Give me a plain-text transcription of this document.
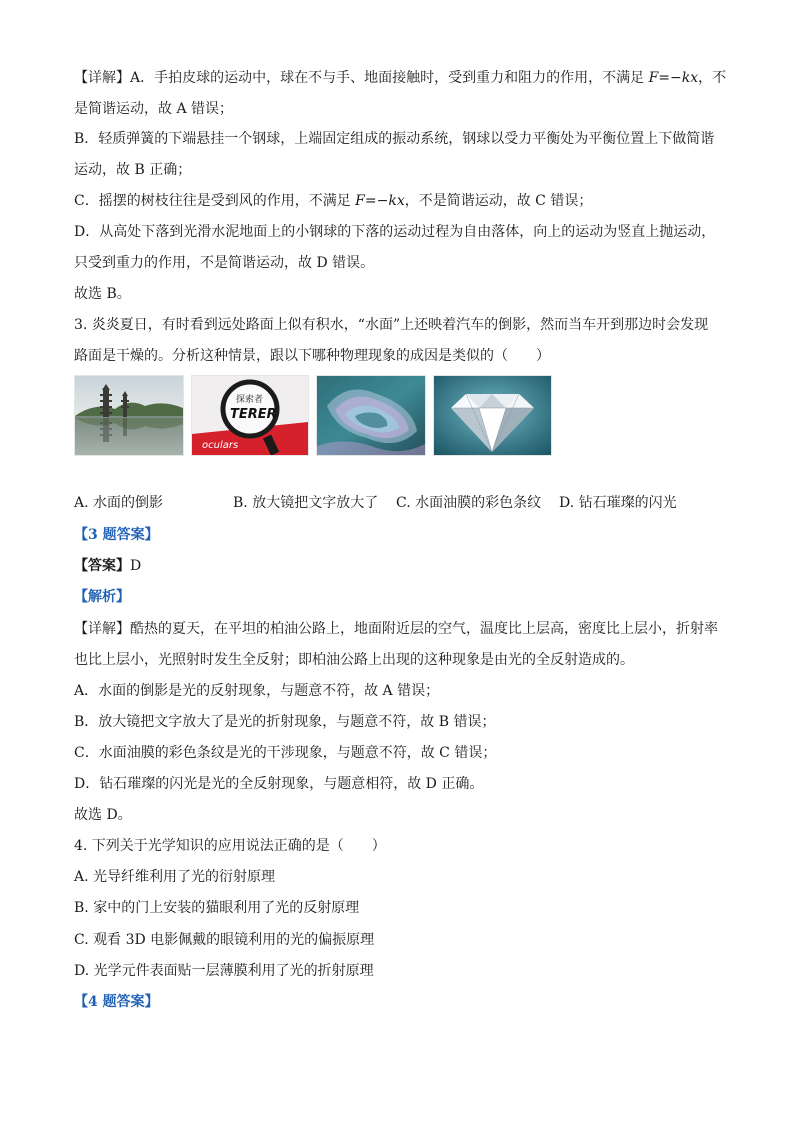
【详解】A．手拍皮球的运动中，球在不与手、地面接触时，受到重力和阻力的作用，不满足 F=−kx，不
是简谐运动，故 A 错误；
B．轻质弹簧的下端悬挂一个钢球，上端固定组成的振动系统，钢球以受力平衡处为平衡位置上下做简谐
运动，故 B 正确；
C．摇摆的树枝往往是受到风的作用，不满足 F=−kx，不是简谐运动，故 C 错误；
D．从高处下落到光滑水泥地面上的小钢球的下落的运动过程为自由落体，向上的运动为竖直上抛运动，
只受到重力的作用，不是简谐运动，故 D 错误。
故选 B。
3. 炎炎夏日，有时看到远处路面上似有积水，“水面”上还映着汽车的倒影，然而当车开到那边时会发现
路面是干燥的。分析这种情景，跟以下哪种物理现象的成因是类似的（　　）
oculars
探索者
TERER
A. 水面的倒影	B. 放大镜把文字放大了 C. 水面油膜的彩色条纹 D. 钻石璀璨的闪光
【3 题答案】
【答案】D
【解析】
【详解】酷热的夏天，在平坦的柏油公路上，地面附近层的空气，温度比上层高，密度比上层小，折射率
也比上层小，光照射时发生全反射；即柏油公路上出现的这种现象是由光的全反射造成的。
A．水面的倒影是光的反射现象，与题意不符，故 A 错误；
B．放大镜把文字放大了是光的折射现象，与题意不符，故 B 错误；
C．水面油膜的彩色条纹是光的干涉现象，与题意不符，故 C 错误；
D．钻石璀璨的闪光是光的全反射现象，与题意相符，故 D 正确。
故选 D。
4. 下列关于光学知识的应用说法正确的是（　　）
A. 光导纤维利用了光的衍射原理
B. 家中的门上安装的猫眼利用了光的反射原理
C. 观看 3D 电影佩戴的眼镜利用的光的偏振原理
D. 光学元件表面贴一层薄膜利用了光的折射原理
【4 题答案】
